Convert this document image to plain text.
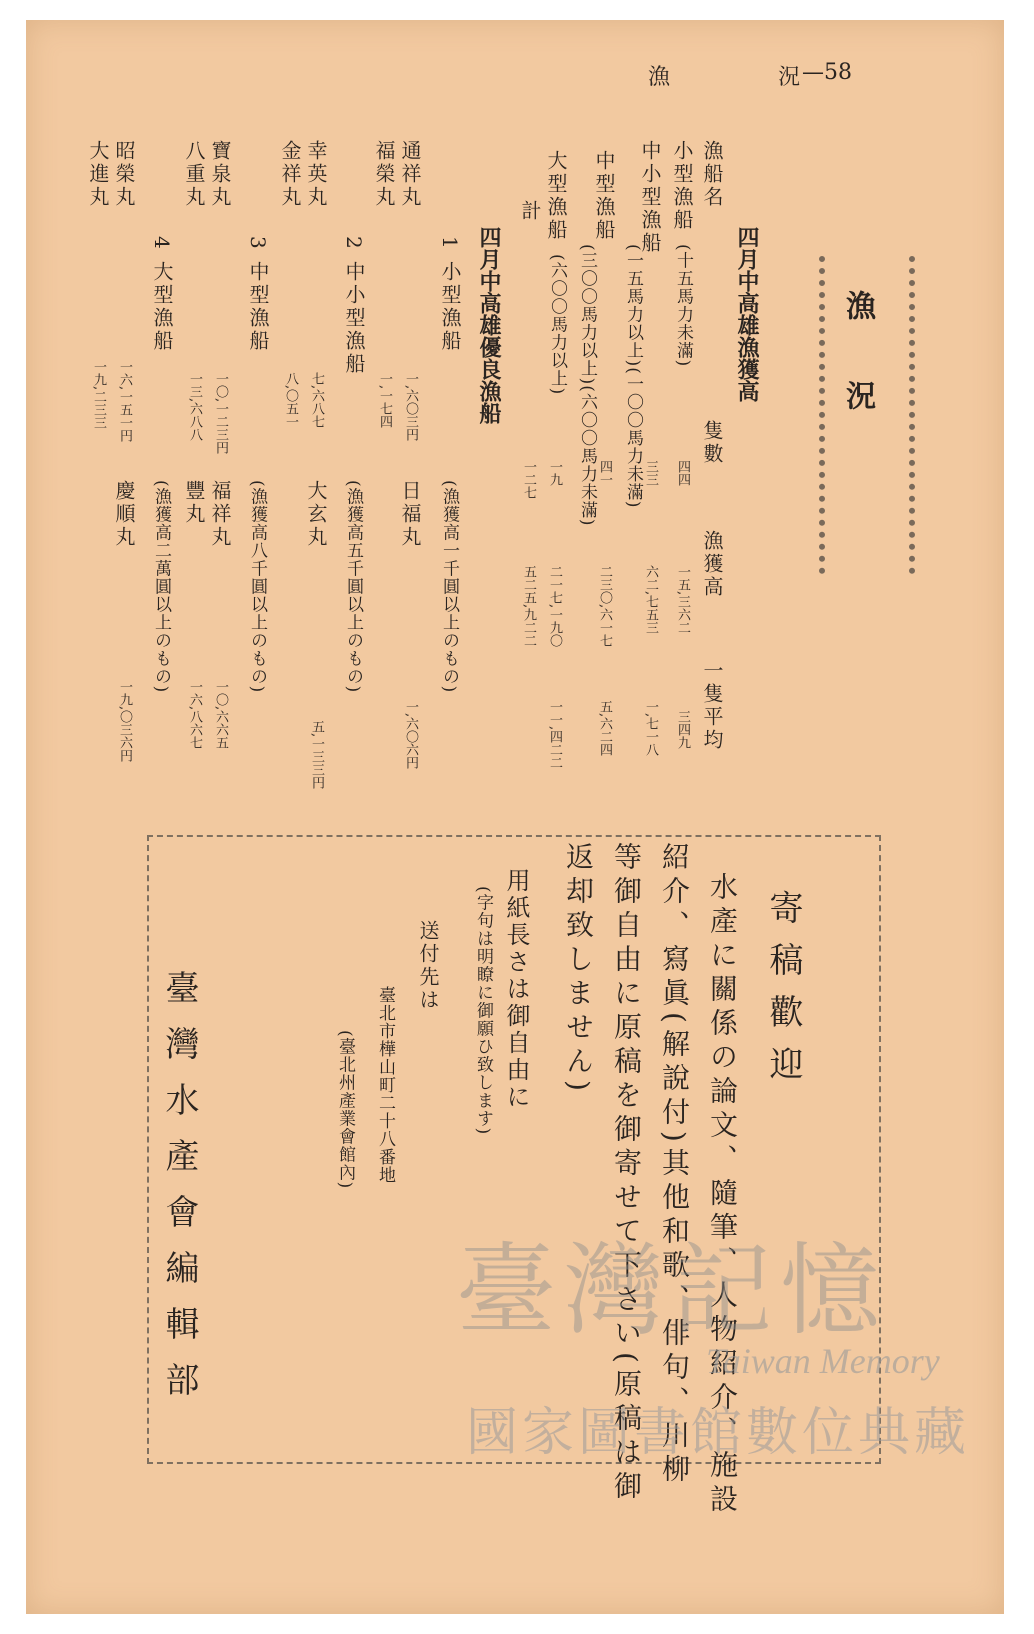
漁	況 —58
漁況
四月中高雄漁獲高
漁船名
隻數
漁獲高
一隻平均
小型漁船
(十五馬力未滿)
四四
一五,三六二
三四九
中小型漁船
(一五馬力以上)(一〇〇馬力未滿) 三三
六二,七五三
一,七一八
中型漁船
(三〇〇馬力以上)(六〇〇馬力未滿) 四一
二三〇,六一七
五,六二四
大型漁船
(六〇〇馬力以上)
一九
二一七,一九〇
一一,四二二
計
一二七
五二五,九二二
四月中高雄優良漁船
1 小型漁船
(漁獲高一千圓以上のもの)
通祥丸
一,六〇三円
日福丸
一,六〇六円
福榮丸
一,一七四
2 中小型漁船
(漁獲高五千圓以上のもの)
幸英丸
七,六八七
大玄丸
五,一三三円
金祥丸
八,〇五一
3 中型漁船
(漁獲高八千圓以上のもの)
寶泉丸
一〇,一二三円
福祥丸
一〇,六六五
八重丸
一三,六八八
豐丸
一六,八六七
4 大型漁船
(漁獲高二萬圓以上のもの)
昭榮丸
一六,一五一円
慶順丸
一九,〇三六円
大進丸
一九,二三三
寄稿歡迎
水產に關係の論文、隨筆、人物紹介、施設
紹介、寫眞(解說付)其他和歌、俳句、川柳
等御自由に原稿を御寄せて下さい(原稿は御
返却致しません)
用紙長さは御自由に
(字句は明瞭に御願ひ致します)
送付先は
臺北市樺山町二十八番地
(臺北州產業會館內)
臺灣水產會編輯部	臺灣記憶
Taiwan Memory
國家圖書館數位典藏
